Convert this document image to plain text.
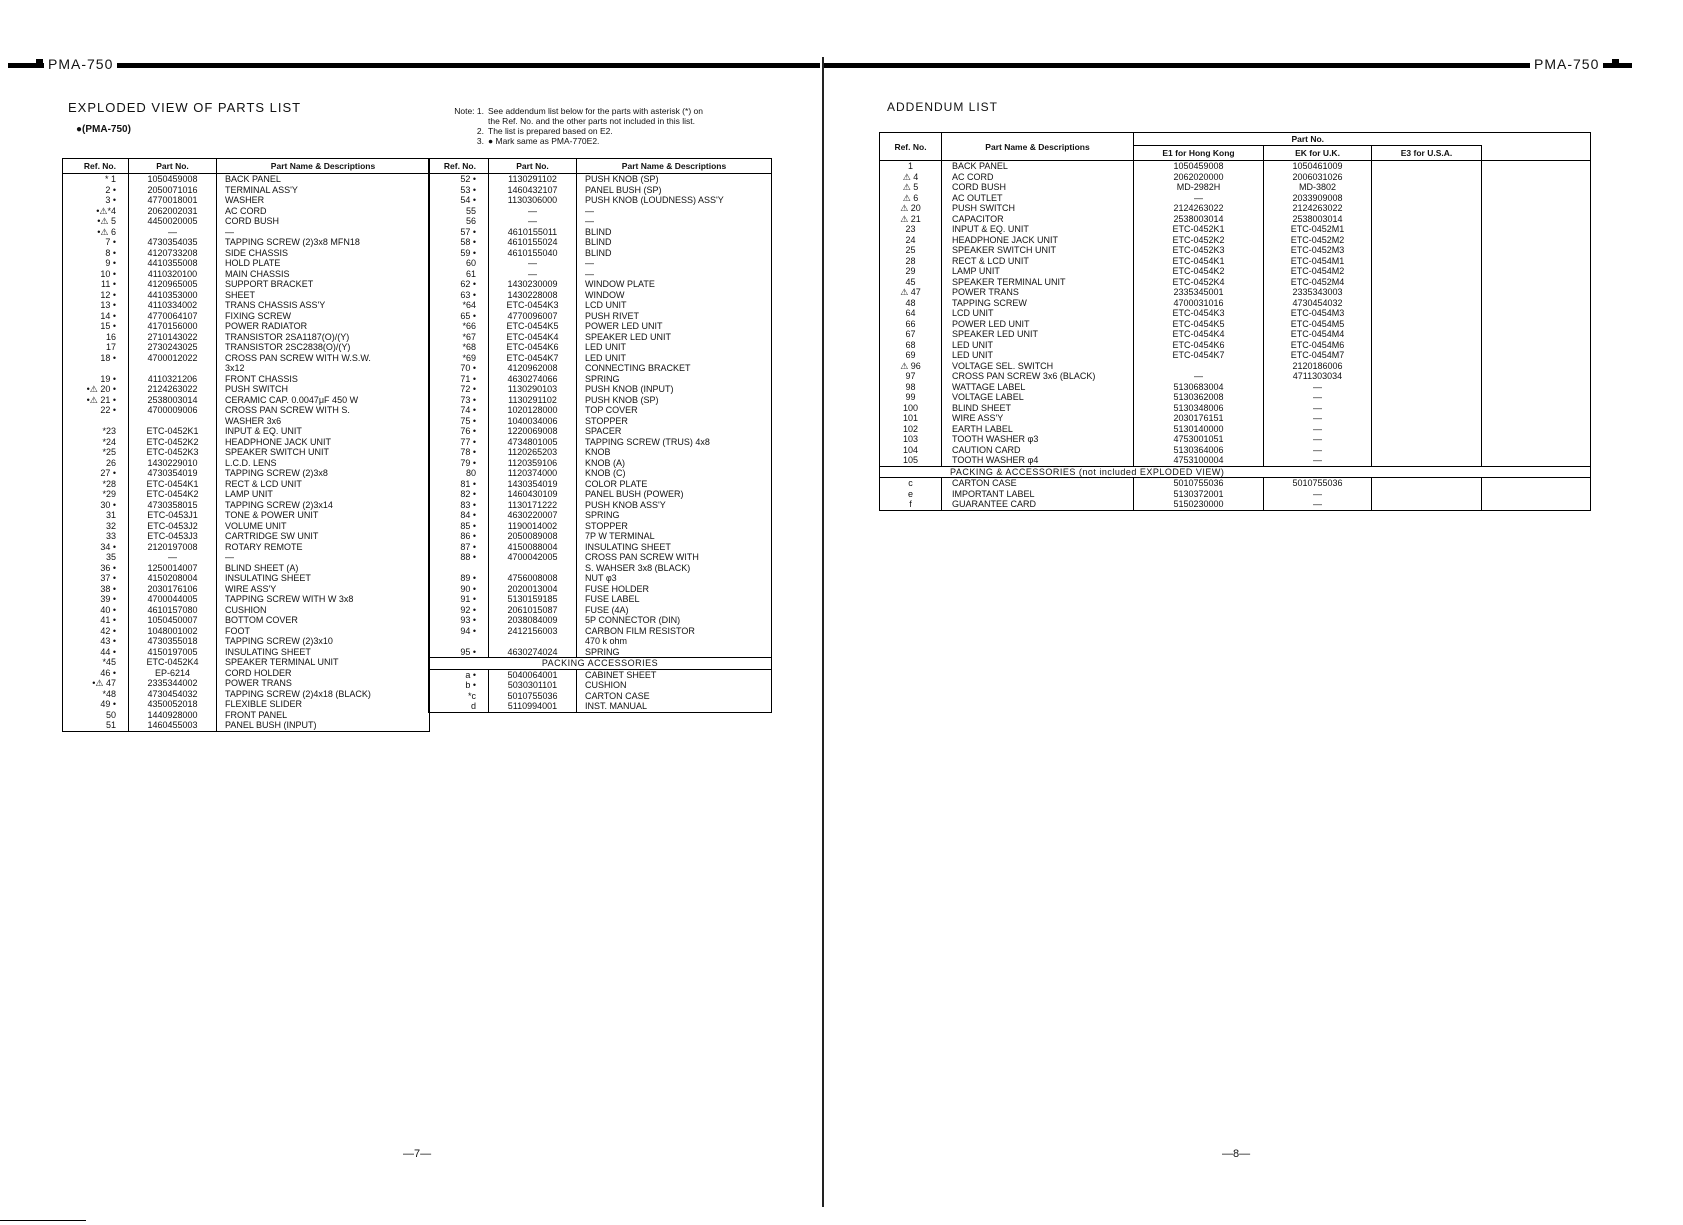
PMA-750	PMA-750
EXPLODED VIEW OF PARTS LIST
●(PMA-750)
Note: 1. See addendum list below for the parts with asterisk (*) on
the Ref. No. and the other parts not included in this list.
2. The list is prepared based on E2.
3. ● Mark same as PMA-770E2.
Ref. No.	Part No.	Part Name & Descriptions
* 1	1050459008	BACK PANEL
2 •	2050071016	TERMINAL ASS'Y
3 •	4770018001	WASHER
•⚠*4	2062002031	AC CORD
•⚠ 5	4450020005	CORD BUSH
•⚠ 6	—	—
7 •	4730354035	TAPPING SCREW (2)3x8 MFN18
8 •	4120733208	SIDE CHASSIS
9 •	4410355008	HOLD PLATE
10 •	4110320100	MAIN CHASSIS
11 •	4120965005	SUPPORT BRACKET
12 •	4410353000	SHEET
13 •	4110334002	TRANS CHASSIS ASS'Y
14 •	4770064107	FIXING SCREW
15 •	4170156000	POWER RADIATOR
16	2710143022	TRANSISTOR 2SA1187(O)/(Y)
17	2730243025	TRANSISTOR 2SC2838(O)/(Y)
18 •	4700012022	CROSS PAN SCREW WITH W.S.W.
		3x12
19 •	4110321206	FRONT CHASSIS
•⚠ 20 •	2124263022	PUSH SWITCH
•⚠ 21 •	2538003014	CERAMIC CAP. 0.0047μF 450 W
22 •	4700009006	CROSS PAN SCREW WITH S.
		WASHER 3x6
*23	ETC-0452K1	INPUT & EQ. UNIT
*24	ETC-0452K2	HEADPHONE JACK UNIT
*25	ETC-0452K3	SPEAKER SWITCH UNIT
26	1430229010	L.C.D. LENS
27 •	4730354019	TAPPING SCREW (2)3x8
*28	ETC-0454K1	RECT & LCD UNIT
*29	ETC-0454K2	LAMP UNIT
30 •	4730358015	TAPPING SCREW (2)3x14
31	ETC-0453J1	TONE & POWER UNIT
32	ETC-0453J2	VOLUME UNIT
33	ETC-0453J3	CARTRIDGE SW UNIT
34 •	2120197008	ROTARY REMOTE
35	—	—
36 •	1250014007	BLIND SHEET (A)
37 •	4150208004	INSULATING SHEET
38 •	2030176106	WIRE ASS'Y
39 •	4700044005	TAPPING SCREW WITH W 3x8
40 •	4610157080	CUSHION
41 •	1050450007	BOTTOM COVER
42 •	1048001002	FOOT
43 •	4730355018	TAPPING SCREW (2)3x10
44 •	4150197005	INSULATING SHEET
*45	ETC-0452K4	SPEAKER TERMINAL UNIT
46 •	EP-6214	CORD HOLDER
•⚠ 47	2335344002	POWER TRANS
*48	4730454032	TAPPING SCREW (2)4x18 (BLACK)
49 •	4350052018	FLEXIBLE SLIDER
50	1440928000	FRONT PANEL
51	1460455003	PANEL BUSH (INPUT)
Ref. No.	Part No.	Part Name & Descriptions
52 •	1130291102	PUSH KNOB (SP)
53 •	1460432107	PANEL BUSH (SP)
54 •	1130306000	PUSH KNOB (LOUDNESS) ASS'Y
55	—	—
56	—	—
57 •	4610155011	BLIND
58 •	4610155024	BLIND
59 •	4610155040	BLIND
60	—	—
61	—	—
62 •	1430230009	WINDOW PLATE
63 •	1430228008	WINDOW
*64	ETC-0454K3	LCD UNIT
65 •	4770096007	PUSH RIVET
*66	ETC-0454K5	POWER LED UNIT
*67	ETC-0454K4	SPEAKER LED UNIT
*68	ETC-0454K6	LED UNIT
*69	ETC-0454K7	LED UNIT
70 •	4120962008	CONNECTING BRACKET
71 •	4630274066	SPRING
72 •	1130290103	PUSH KNOB (INPUT)
73 •	1130291102	PUSH KNOB (SP)
74 •	1020128000	TOP COVER
75 •	1040034006	STOPPER
76 •	1220069008	SPACER
77 •	4734801005	TAPPING SCREW (TRUS) 4x8
78 •	1120265203	KNOB
79 •	1120359106	KNOB (A)
80	1120374000	KNOB (C)
81 •	1430354019	COLOR PLATE
82 •	1460430109	PANEL BUSH (POWER)
83 •	1130171222	PUSH KNOB ASS'Y
84 •	4630220007	SPRING
85 •	1190014002	STOPPER
86 •	2050089008	7P W TERMINAL
87 •	4150088004	INSULATING SHEET
88 •	4700042005	CROSS PAN SCREW WITH
		S. WAHSER 3x8 (BLACK)
89 •	4756008008	NUT φ3
90 •	2020013004	FUSE HOLDER
91 •	5130159185	FUSE LABEL
92 •	2061015087	FUSE (4A)
93 •	2038084009	5P CONNECTOR (DIN)
94 •	2412156003	CARBON FILM RESISTOR
		470 k ohm
95 •	4630274024	SPRING
PACKING ACCESSORIES		
a •	5040064001	CABINET SHEET
b •	5030301101	CUSHION
*c	5010755036	CARTON CASE
d	5110994001	INST. MANUAL
—7—
ADDENDUM LIST
Ref. No.	Part Name & Descriptions	Part No.			
		E1 for Hong Kong	EK for U.K.	E3 for U.S.A.	
1	BACK PANEL	1050459008	1050461009		
⚠ 4	AC CORD	2062020000	2006031026		
⚠ 5	CORD BUSH	MD-2982H	MD-3802		
⚠ 6	AC OUTLET	—	2033909008		
⚠ 20	PUSH SWITCH	2124263022	2124263022		
⚠ 21	CAPACITOR	2538003014	2538003014		
23	INPUT & EQ. UNIT	ETC-0452K1	ETC-0452M1		
24	HEADPHONE JACK UNIT	ETC-0452K2	ETC-0452M2		
25	SPEAKER SWITCH UNIT	ETC-0452K3	ETC-0452M3		
28	RECT & LCD UNIT	ETC-0454K1	ETC-0454M1		
29	LAMP UNIT	ETC-0454K2	ETC-0454M2		
45	SPEAKER TERMINAL UNIT	ETC-0452K4	ETC-0452M4		
⚠ 47	POWER TRANS	2335345001	2335343003		
48	TAPPING SCREW	4700031016	4730454032		
64	LCD UNIT	ETC-0454K3	ETC-0454M3		
66	POWER LED UNIT	ETC-0454K5	ETC-0454M5		
67	SPEAKER LED UNIT	ETC-0454K4	ETC-0454M4		
68	LED UNIT	ETC-0454K6	ETC-0454M6		
69	LED UNIT	ETC-0454K7	ETC-0454M7		
⚠ 96	VOLTAGE SEL. SWITCH		2120186006		
97	CROSS PAN SCREW 3x6 (BLACK)	—	4711303034		
98	WATTAGE LABEL	5130683004	—		
99	VOLTAGE LABEL	5130362008	—		
100	BLIND SHEET	5130348006	—		
101	WIRE ASS'Y	2030176151	—		
102	EARTH LABEL	5130140000	—		
103	TOOTH WASHER φ3	4753001051	—		
104	CAUTION CARD	5130364006	—		
105	TOOTH WASHER φ4	4753100004	—		
PACKING & ACCESSORIES (not included EXPLODED VIEW)					
c	CARTON CASE	5010755036	5010755036		
e	IMPORTANT LABEL	5130372001	—		
f	GUARANTEE CARD	5150230000	—		
—8—
